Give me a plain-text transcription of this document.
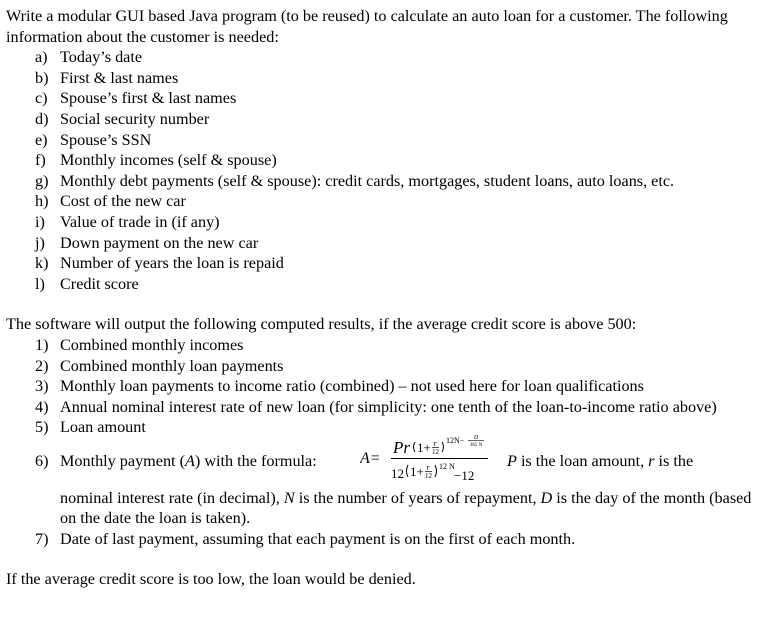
Write a modular GUI based Java program (to be reused) to calculate an auto loan for a customer. The following information about the customer is needed:

a) Today’s date
b) First & last names
c) Spouse’s first & last names
d) Social security number
e) Spouse’s SSN
f) Monthly incomes (self & spouse)
g) Monthly debt payments (self & spouse): credit cards, mortgages, student loans, auto loans, etc.
h) Cost of the new car
i) Value of trade in (if any)
j) Down payment on the new car
k) Number of years the loan is repaid
l) Credit score

The software will output the following computed results, if the average credit score is above 500:

1) Combined monthly incomes
2) Combined monthly loan payments
3) Monthly loan payments to income ratio (combined) – not used here for loan qualifications
4) Annual nominal interest rate of new loan (for simplicity: one tenth of the loan-to-income ratio above)
5) Loan amount
6) Monthly payment (A) with the formula:	A=
Pr 1+ r
12
12N− D
365 N
12 1+ r
12
12 N
−12
P is the loan amount, r is the
nominal interest rate (in decimal), N is the number of years of repayment, D is the day of the month (based on the date the loan is taken).
7) Date of last payment, assuming that each payment is on the first of each month.

If the average credit score is too low, the loan would be denied.
